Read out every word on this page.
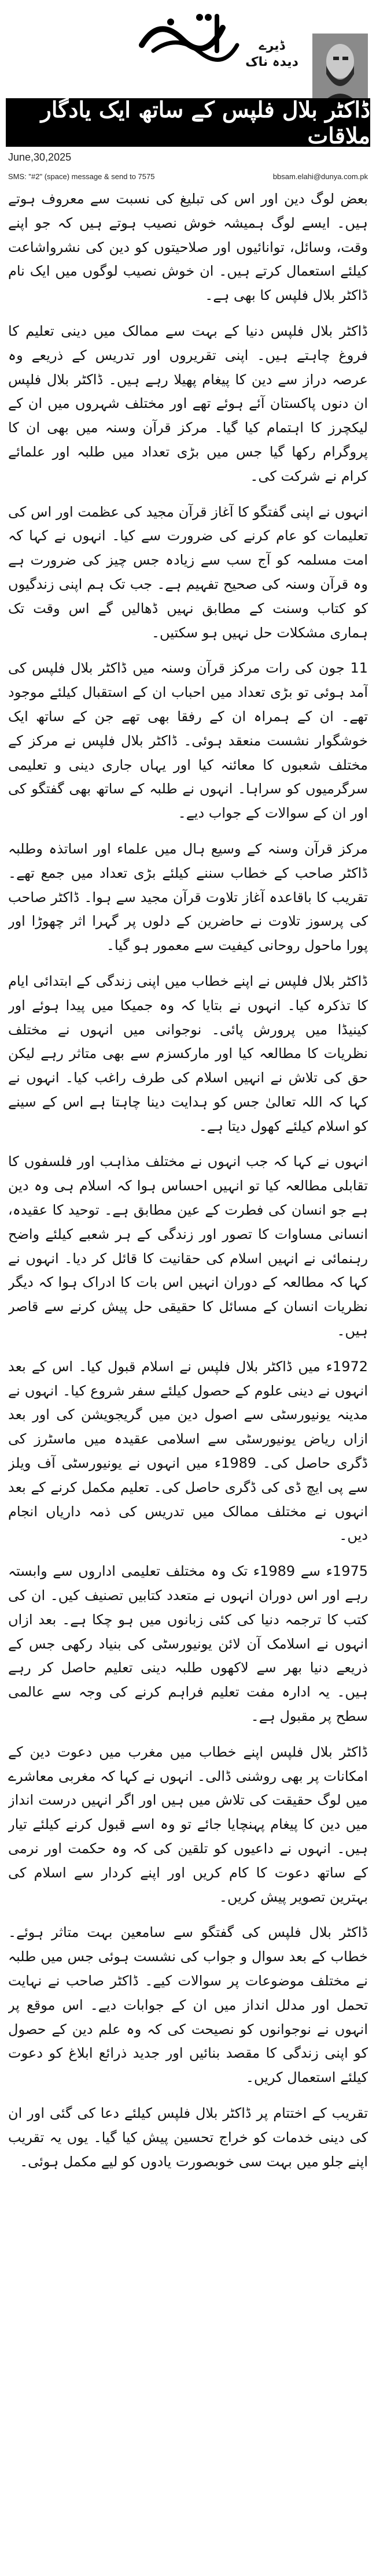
ڈیرے
دیدہ ناک
ڈاکٹر بلال فلپس کے ساتھ ایک یادگار ملاقات
June,30,2025
SMS: "#2" (space) message & send to 7575	bbsam.elahi@dunya.com.pk

بعض لوگ دین اور اس کی تبلیغ کی نسبت سے معروف ہوتے ہیں۔ ایسے لوگ ہمیشہ خوش نصیب ہوتے ہیں کہ جو اپنے وقت، وسائل، توانائیوں اور صلاحیتوں کو دین کی نشرواشاعت کیلئے استعمال کرتے ہیں۔ ان خوش نصیب لوگوں میں ایک نام ڈاکٹر بلال فلپس کا بھی ہے۔

ڈاکٹر بلال فلپس دنیا کے بہت سے ممالک میں دینی تعلیم کا فروغ چاہتے ہیں۔ اپنی تقریروں اور تدریس کے ذریعے وہ عرصہ دراز سے دین کا پیغام پھیلا رہے ہیں۔ ڈاکٹر بلال فلپس ان دنوں پاکستان آئے ہوئے تھے اور مختلف شہروں میں ان کے لیکچرز کا اہتمام کیا گیا۔ مرکز قرآن وسنہ میں بھی ان کا پروگرام رکھا گیا جس میں بڑی تعداد میں طلبہ اور علمائے کرام نے شرکت کی۔

انہوں نے اپنی گفتگو کا آغاز قرآن مجید کی عظمت اور اس کی تعلیمات کو عام کرنے کی ضرورت سے کیا۔ انہوں نے کہا کہ امت مسلمہ کو آج سب سے زیادہ جس چیز کی ضرورت ہے وہ قرآن وسنہ کی صحیح تفہیم ہے۔ جب تک ہم اپنی زندگیوں کو کتاب وسنت کے مطابق نہیں ڈھالیں گے اس وقت تک ہماری مشکلات حل نہیں ہو سکتیں۔

11 جون کی رات مرکز قرآن وسنہ میں ڈاکٹر بلال فلپس کی آمد ہوئی تو بڑی تعداد میں احباب ان کے استقبال کیلئے موجود تھے۔ ان کے ہمراہ ان کے رفقا بھی تھے جن کے ساتھ ایک خوشگوار نشست منعقد ہوئی۔ ڈاکٹر بلال فلپس نے مرکز کے مختلف شعبوں کا معائنہ کیا اور یہاں جاری دینی و تعلیمی سرگرمیوں کو سراہا۔ انہوں نے طلبہ کے ساتھ بھی گفتگو کی اور ان کے سوالات کے جواب دیے۔

مرکز قرآن وسنہ کے وسیع ہال میں علماء اور اساتذہ وطلبہ ڈاکٹر صاحب کے خطاب سننے کیلئے بڑی تعداد میں جمع تھے۔ تقریب کا باقاعدہ آغاز تلاوت قرآن مجید سے ہوا۔ ڈاکٹر صاحب کی پرسوز تلاوت نے حاضرین کے دلوں پر گہرا اثر چھوڑا اور پورا ماحول روحانی کیفیت سے معمور ہو گیا۔

ڈاکٹر بلال فلپس نے اپنے خطاب میں اپنی زندگی کے ابتدائی ایام کا تذکرہ کیا۔ انہوں نے بتایا کہ وہ جمیکا میں پیدا ہوئے اور کینیڈا میں پرورش پائی۔ نوجوانی میں انہوں نے مختلف نظریات کا مطالعہ کیا اور مارکسزم سے بھی متاثر رہے لیکن حق کی تلاش نے انہیں اسلام کی طرف راغب کیا۔ انہوں نے کہا کہ اللہ تعالیٰ جس کو ہدایت دینا چاہتا ہے اس کے سینے کو اسلام کیلئے کھول دیتا ہے۔

انہوں نے کہا کہ جب انہوں نے مختلف مذاہب اور فلسفوں کا تقابلی مطالعہ کیا تو انہیں احساس ہوا کہ اسلام ہی وہ دین ہے جو انسان کی فطرت کے عین مطابق ہے۔ توحید کا عقیدہ، انسانی مساوات کا تصور اور زندگی کے ہر شعبے کیلئے واضح رہنمائی نے انہیں اسلام کی حقانیت کا قائل کر دیا۔ انہوں نے کہا کہ مطالعہ کے دوران انہیں اس بات کا ادراک ہوا کہ دیگر نظریات انسان کے مسائل کا حقیقی حل پیش کرنے سے قاصر ہیں۔

1972ء میں ڈاکٹر بلال فلپس نے اسلام قبول کیا۔ اس کے بعد انہوں نے دینی علوم کے حصول کیلئے سفر شروع کیا۔ انہوں نے مدینہ یونیورسٹی سے اصول دین میں گریجویشن کی اور بعد ازاں ریاض یونیورسٹی سے اسلامی عقیدہ میں ماسٹرز کی ڈگری حاصل کی۔ 1989ء میں انہوں نے یونیورسٹی آف ویلز سے پی ایچ ڈی کی ڈگری حاصل کی۔ تعلیم مکمل کرنے کے بعد انہوں نے مختلف ممالک میں تدریس کی ذمہ داریاں انجام دیں۔

1975ء سے 1989ء تک وہ مختلف تعلیمی اداروں سے وابستہ رہے اور اس دوران انہوں نے متعدد کتابیں تصنیف کیں۔ ان کی کتب کا ترجمہ دنیا کی کئی زبانوں میں ہو چکا ہے۔ بعد ازاں انہوں نے اسلامک آن لائن یونیورسٹی کی بنیاد رکھی جس کے ذریعے دنیا بھر سے لاکھوں طلبہ دینی تعلیم حاصل کر رہے ہیں۔ یہ ادارہ مفت تعلیم فراہم کرنے کی وجہ سے عالمی سطح پر مقبول ہے۔

ڈاکٹر بلال فلپس اپنے خطاب میں مغرب میں دعوت دین کے امکانات پر بھی روشنی ڈالی۔ انہوں نے کہا کہ مغربی معاشرے میں لوگ حقیقت کی تلاش میں ہیں اور اگر انہیں درست انداز میں دین کا پیغام پہنچایا جائے تو وہ اسے قبول کرنے کیلئے تیار ہیں۔ انہوں نے داعیوں کو تلقین کی کہ وہ حکمت اور نرمی کے ساتھ دعوت کا کام کریں اور اپنے کردار سے اسلام کی بہترین تصویر پیش کریں۔

ڈاکٹر بلال فلپس کی گفتگو سے سامعین بہت متاثر ہوئے۔ خطاب کے بعد سوال و جواب کی نشست ہوئی جس میں طلبہ نے مختلف موضوعات پر سوالات کیے۔ ڈاکٹر صاحب نے نہایت تحمل اور مدلل انداز میں ان کے جوابات دیے۔ اس موقع پر انہوں نے نوجوانوں کو نصیحت کی کہ وہ علم دین کے حصول کو اپنی زندگی کا مقصد بنائیں اور جدید ذرائع ابلاغ کو دعوت کیلئے استعمال کریں۔

تقریب کے اختتام پر ڈاکٹر بلال فلپس کیلئے دعا کی گئی اور ان کی دینی خدمات کو خراج تحسین پیش کیا گیا۔ یوں یہ تقریب اپنے جلو میں بہت سی خوبصورت یادوں کو لیے مکمل ہوئی۔
